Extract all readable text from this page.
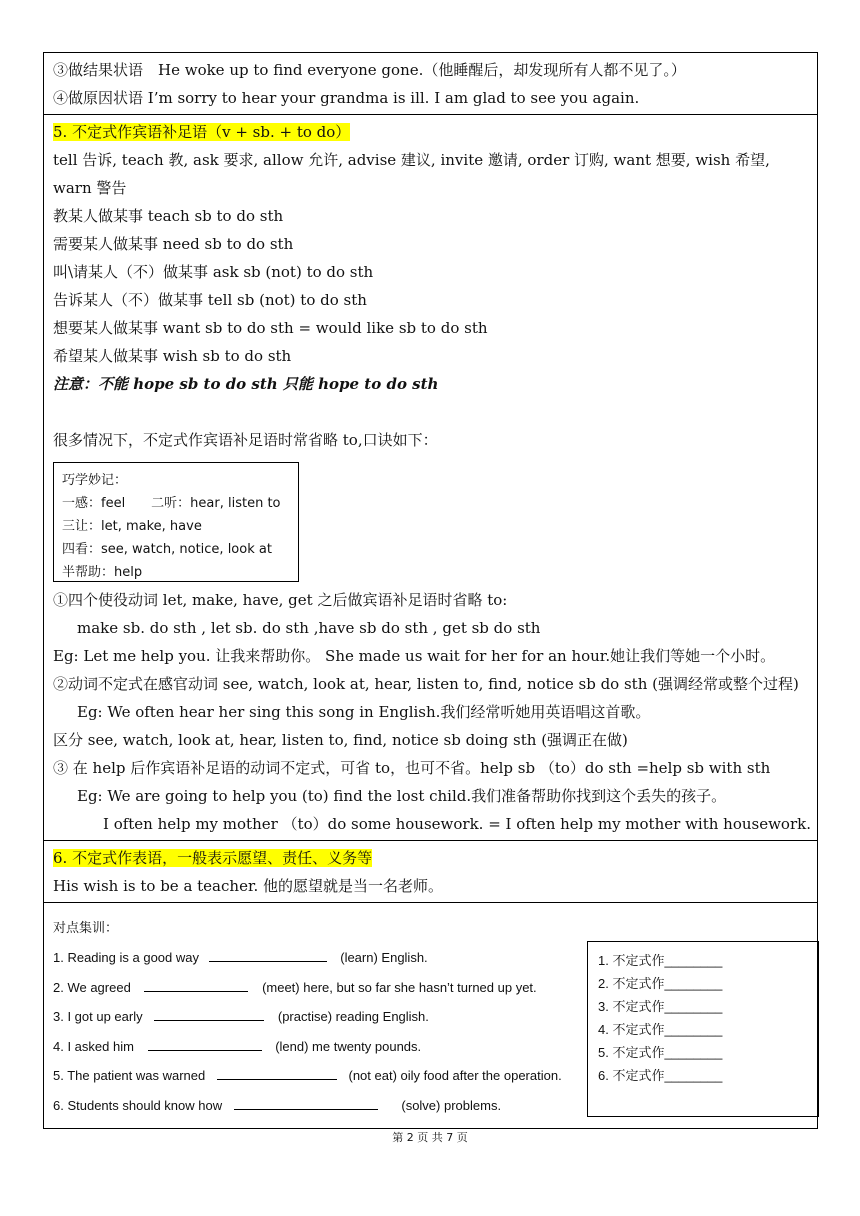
③做结果状语　He woke up to find everyone gone.（他睡醒后，却发现所有人都不见了。）
④做原因状语 I’m sorry to hear your grandma is ill. I am glad to see you again.
5. 不定式作宾语补足语（v + sb. + to do）
tell 告诉, teach 教, ask 要求, allow 允许, advise 建议, invite 邀请, order 订购, want 想要, wish 希望, warn 警告
教某人做某事 teach sb to do sth
需要某人做某事 need sb to do sth
叫\请某人（不）做某事 ask sb (not) to do sth
告诉某人（不）做某事 tell sb (not) to do sth
想要某人做某事 want sb to do sth = would like sb to do sth
希望某人做某事 wish sb to do sth
注意：不能 hope sb to do sth 只能 hope to do sth
很多情况下，不定式作宾语补足语时常省略 to,口诀如下：
巧学妙记：
一感：feel　　二听：hear, listen to
三让：let, make, have
四看：see, watch, notice, look at
半帮助：help
①四个使役动词 let, make, have, get 之后做宾语补足语时省略 to:
make sb. do sth , let sb. do sth ,have sb do sth , get sb do sth
Eg: Let me help you. 让我来帮助你。 She made us wait for her for an hour.她让我们等她一个小时。
②动词不定式在感官动词 see, watch, look at, hear, listen to, find, notice sb do sth (强调经常或整个过程)
Eg: We often hear her sing this song in English.我们经常听她用英语唱这首歌。
区分 see, watch, look at, hear, listen to, find, notice sb doing sth (强调正在做)
③ 在 help 后作宾语补足语的动词不定式，可省 to，也可不省。help sb （to）do sth =help sb with sth
Eg: We are going to help you (to) find the lost child.我们准备帮助你找到这个丢失的孩子。
I often help my mother （to）do some housework. = I often help my mother with housework.
6. 不定式作表语，一般表示愿望、责任、义务等
His wish is to be a teacher. 他的愿望就是当一名老师。
对点集训：
1. Reading is a good way	(learn) English.
2. We agreed	(meet) here, but so far she hasn’t turned up yet.
3. I got up early	(practise) reading English.
4. I asked him	(lend) me twenty pounds.
5. The patient was warned	(not eat) oily food after the operation.
6. Students should know how	(solve) problems.
1. 不定式作________
2. 不定式作________
3. 不定式作________
4. 不定式作________
5. 不定式作________
6. 不定式作________
第 2 页 共 7 页
